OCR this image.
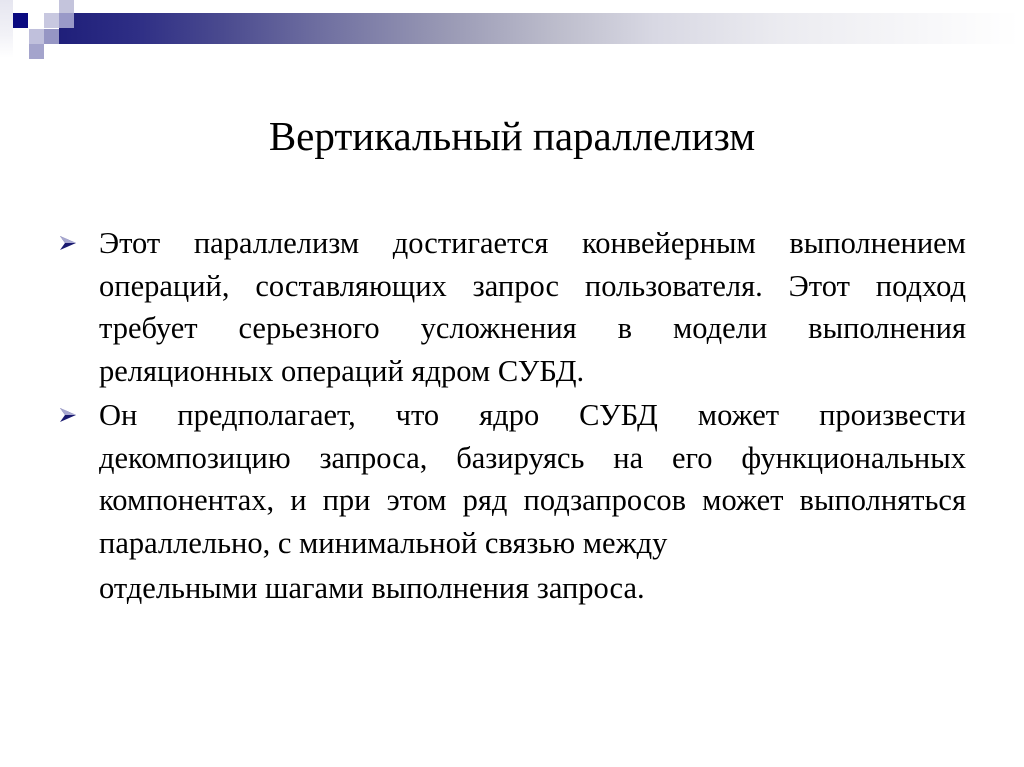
Вертикальный параллелизм
Этот параллелизм достигается конвейерным выполнением операций, составляющих запрос пользователя. Этот подход требует серьезного усложнения в модели выполнения реляционных операций ядром СУБД.
Он предполагает, что ядро СУБД может произвести декомпозицию запроса, базируясь на его функциональных компонентах, и при этом ряд подзапросов может выполняться параллельно, с минимальной связью между
отдельными шагами выполнения запроса.
